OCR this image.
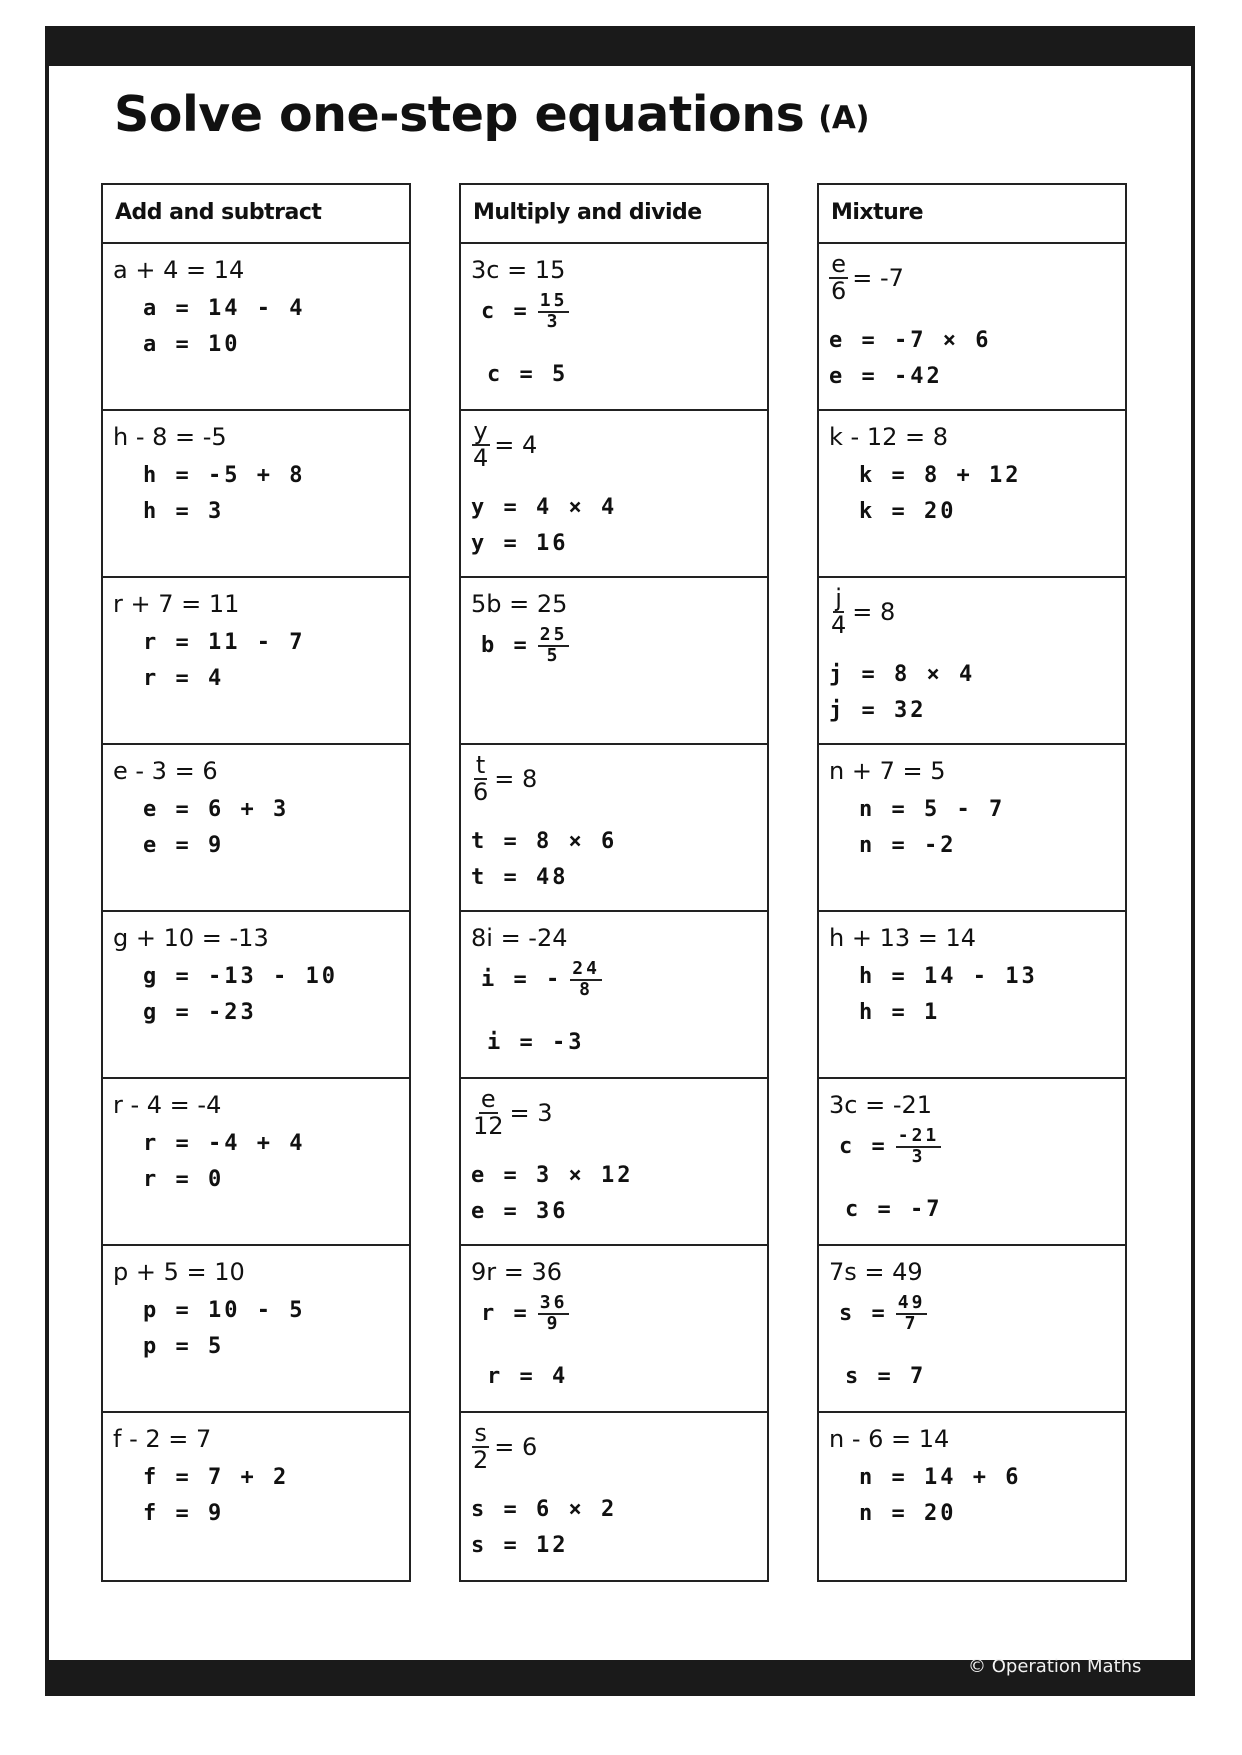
Solve one-step equations (A)
Add and subtract
a + 4 = 14
a = 14 - 4
a = 10
h - 8 = -5
h = -5 + 8
h = 3
r + 7 = 11
r = 11 - 7
r = 4
e - 3 = 6
e = 6 + 3
e = 9
g + 10 = -13
g = -13 - 10
g = -23
r - 4 = -4
r = -4 + 4
r = 0
p + 5 = 10
p = 10 - 5
p = 5
f - 2 = 7
f = 7 + 2
f = 9
Multiply and divide
3c = 15
$c = \frac{15}{3}$
c = 5
$\frac{y}{4} = 4$
y = 4 × 4
y = 16
5b = 25
$b = \frac{25}{5}$
$\frac{t}{6} = 8$
t = 8 × 6
t = 48
8i = -24
i = - $\frac{24}{8}$
i = -3
$\frac{e}{12} = 3$
e = 3 × 12
e = 36
9r = 36
$r = \frac{36}{9}$
r = 4
$\frac{s}{2} = 6$
s = 6 × 2
s = 12
Mixture
$\frac{e}{6} = -7$
e = -7 × 6
e = -42
k - 12 = 8
k = 8 + 12
k = 20
$\frac{j}{4} = 8$
j = 8 × 4
j = 32
n + 7 = 5
n = 5 - 7
n = -2
h + 13 = 14
h = 14 - 13
h = 1
3c = -21
$c = \frac{-21}{3}$
c = -7
7s = 49
$s = \frac{49}{7}$
s = 7
n - 6 = 14
n = 14 + 6
n = 20
© Operation Maths
